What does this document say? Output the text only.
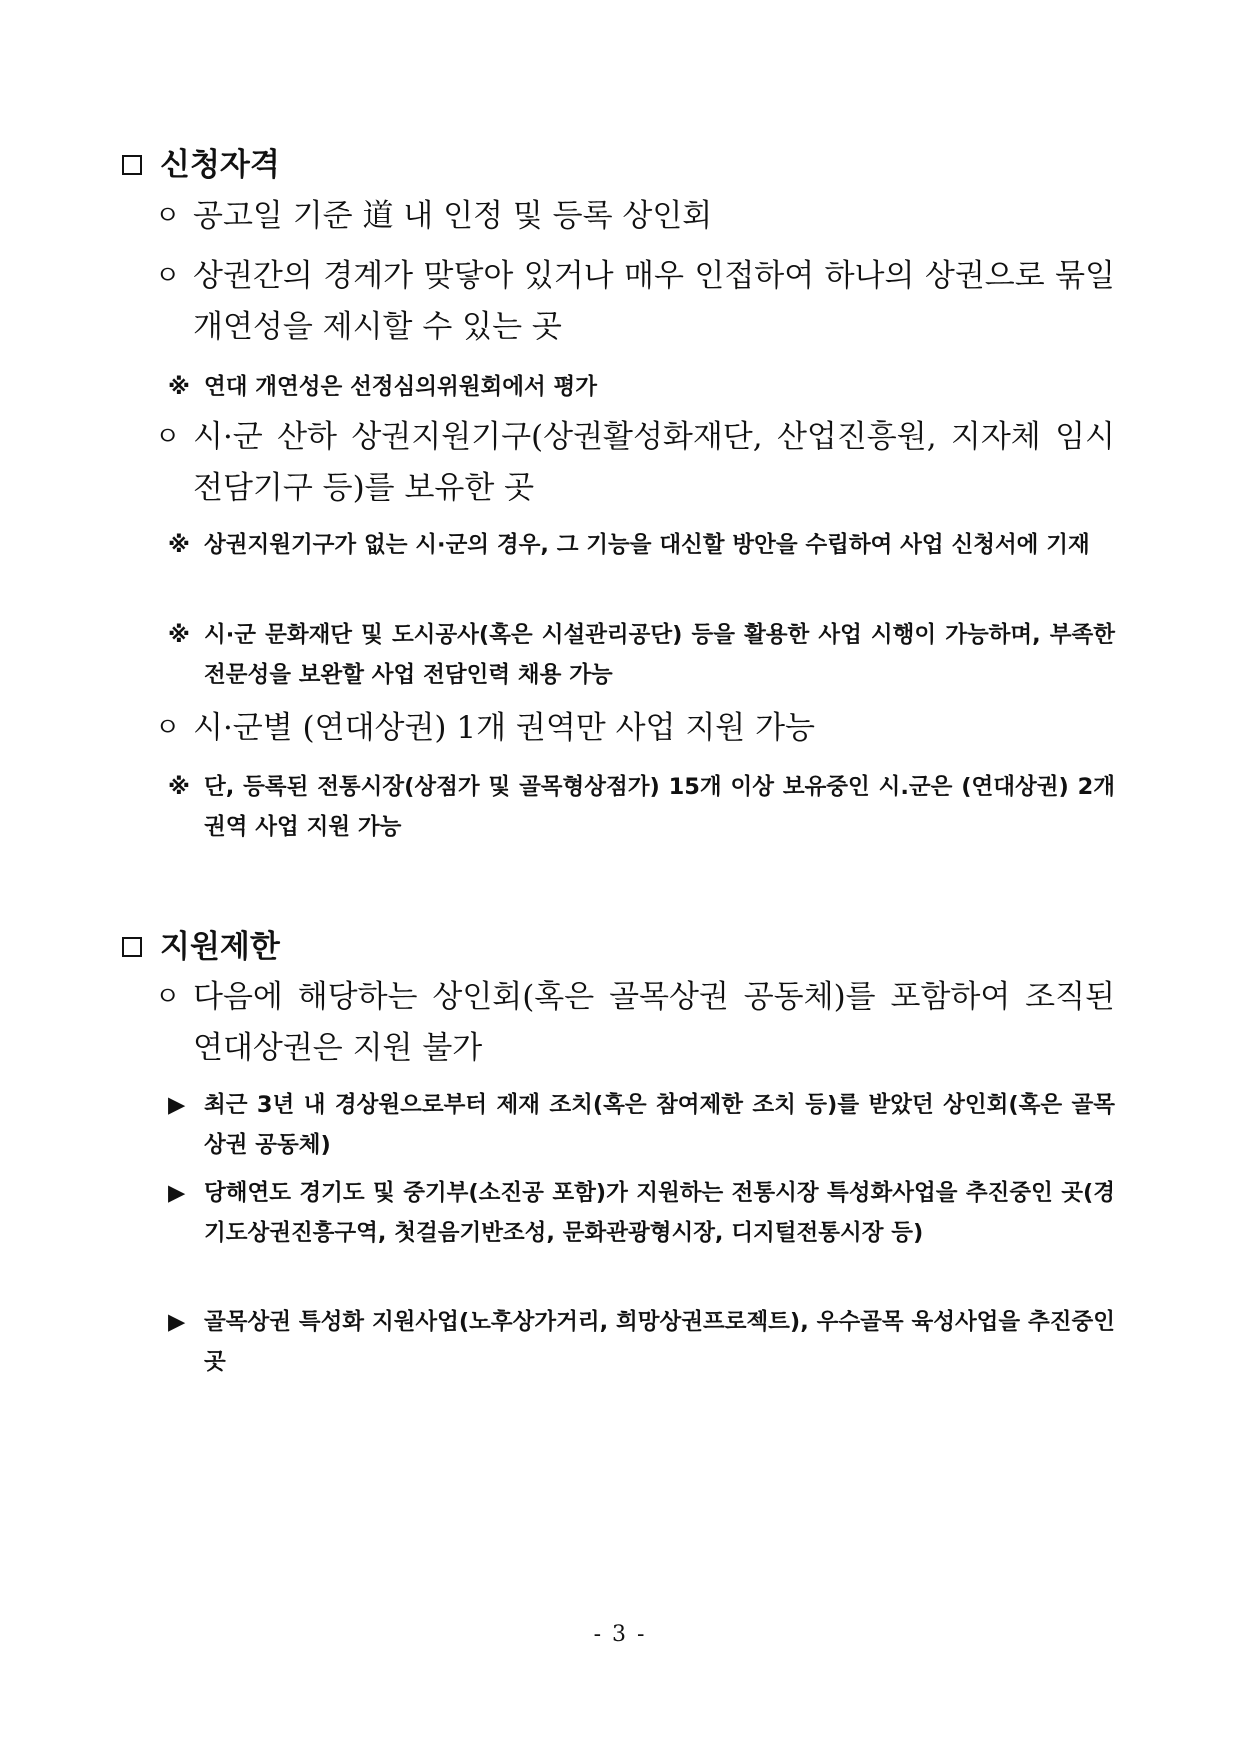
신청자격
ㅇ 공고일 기준 道 내 인정 및 등록 상인회
ㅇ 상권간의 경계가 맞닿아 있거나 매우 인접하여 하나의 상권으로 묶일 개연성을 제시할 수 있는 곳
※ 연대 개연성은 선정심의위원회에서 평가
ㅇ 시·군 산하 상권지원기구(상권활성화재단, 산업진흥원, 지자체 임시 전담기구 등)를 보유한 곳
※ 상권지원기구가 없는 시·군의 경우, 그 기능을 대신할 방안을 수립하여 사업 신청서에 기재
※ 시·군 문화재단 및 도시공사(혹은 시설관리공단) 등을 활용한 사업 시행이 가능하며, 부족한 전문성을 보완할 사업 전담인력 채용 가능
ㅇ 시·군별 (연대상권) 1개 권역만 사업 지원 가능
※ 단, 등록된 전통시장(상점가 및 골목형상점가) 15개 이상 보유중인 시.군은 (연대상권) 2개 권역 사업 지원 가능
지원제한
ㅇ 다음에 해당하는 상인회(혹은 골목상권 공동체)를 포함하여 조직된 연대상권은 지원 불가
▶ 최근 3년 내 경상원으로부터 제재 조치(혹은 참여제한 조치 등)를 받았던 상인회(혹은 골목상권 공동체)
▶ 당해연도 경기도 및 중기부(소진공 포함)가 지원하는 전통시장 특성화사업을 추진중인 곳(경기도상권진흥구역, 첫걸음기반조성, 문화관광형시장, 디지털전통시장 등)
▶ 골목상권 특성화 지원사업(노후상가거리, 희망상권프로젝트), 우수골목 육성사업을 추진중인 곳
- 3 -
